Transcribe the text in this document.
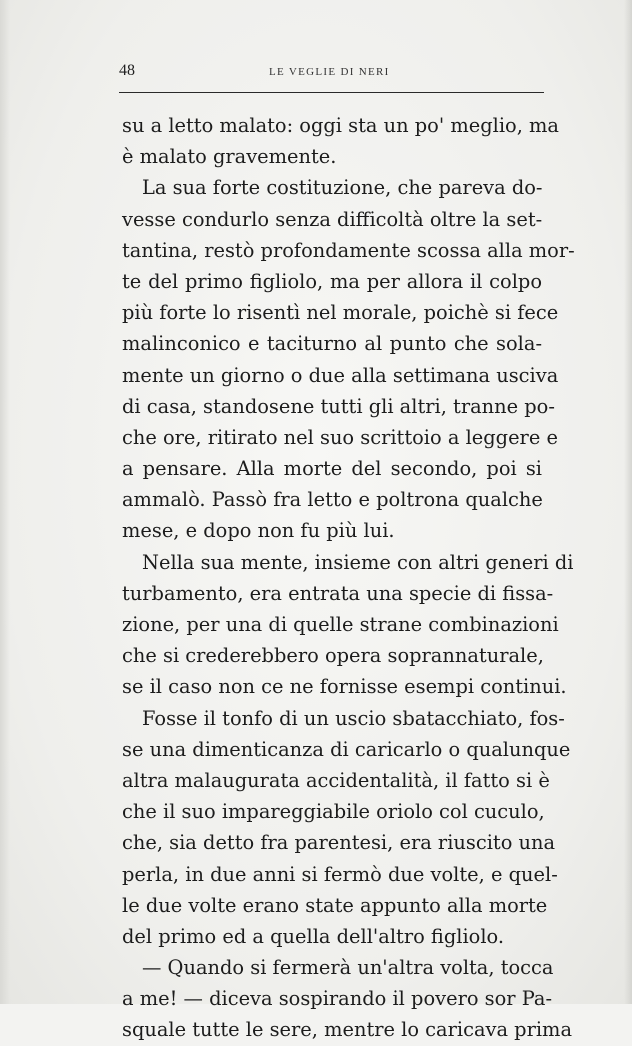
48	LE VEGLIE DI NERI
su a letto malato: oggi sta un po' meglio, ma
è malato gravemente.
La sua forte costituzione, che pareva do-
vesse condurlo senza difficoltà oltre la set-
tantina, restò profondamente scossa alla mor-
te del primo figliolo, ma per allora il colpo
più forte lo risentì nel morale, poichè si fece
malinconico e taciturno al punto che sola-
mente un giorno o due alla settimana usciva
di casa, standosene tutti gli altri, tranne po-
che ore, ritirato nel suo scrittoio a leggere e
a pensare. Alla morte del secondo, poi si
ammalò. Passò fra letto e poltrona qualche
mese, e dopo non fu più lui.
Nella sua mente, insieme con altri generi di
turbamento, era entrata una specie di fissa-
zione, per una di quelle strane combinazioni
che si crederebbero opera soprannaturale,
se il caso non ce ne fornisse esempi continui.
Fosse il tonfo di un uscio sbatacchiato, fos-
se una dimenticanza di caricarlo o qualunque
altra malaugurata accidentalità, il fatto si è
che il suo impareggiabile oriolo col cuculo,
che, sia detto fra parentesi, era riuscito una
perla, in due anni si fermò due volte, e quel-
le due volte erano state appunto alla morte
del primo ed a quella dell'altro figliolo.
— Quando si fermerà un'altra volta, tocca
a me! — diceva sospirando il povero sor Pa-
squale tutte le sere, mentre lo caricava prima
